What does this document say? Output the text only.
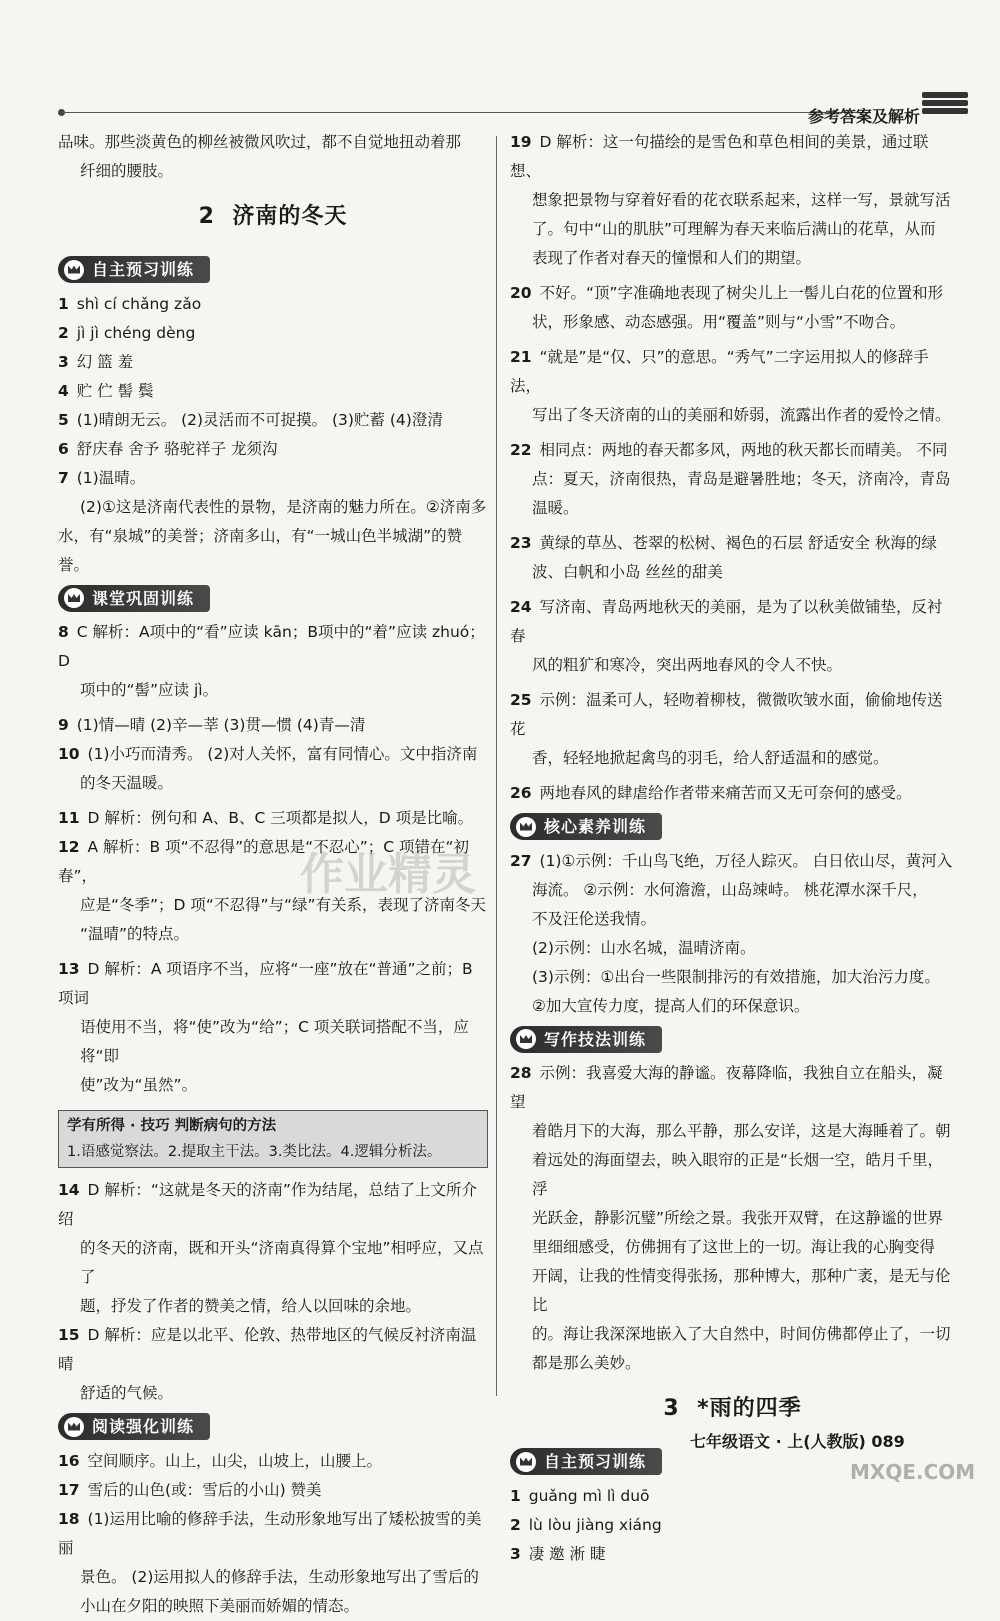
参考答案及解析

品味。那些淡黄色的柳丝被微风吹过，都不自觉地扭动着那

纤细的腰肢。

2 济南的冬天
自主预习训练

1 shì cí chǎng zǎo

2 jì jì chéng dèng

3 幻 篮 羞

4 贮 伫 髻 鬓

5 (1)晴朗无云。 (2)灵活而不可捉摸。 (3)贮蓄 (4)澄清

6 舒庆春 舍予 骆驼祥子 龙须沟

7 (1)温晴。

(2)①这是济南代表性的景物，是济南的魅力所在。②济南多

水，有“泉城”的美誉；济南多山，有“一城山色半城湖”的赞誉。

课堂巩固训练

8 C 解析：A项中的“看”应读 kān；B项中的“着”应读 zhuó；D

项中的“髻”应读 jì。

9 (1)情—晴 (2)辛—莘 (3)贯—惯 (4)青—清

10 (1)小巧而清秀。 (2)对人关怀，富有同情心。文中指济南

的冬天温暖。

11 D 解析：例句和 A、B、C 三项都是拟人，D 项是比喻。

12 A 解析：B 项“不忍得”的意思是“不忍心”；C 项错在“初春”，

应是“冬季”；D 项“不忍得”与“绿”有关系，表现了济南冬天

“温晴”的特点。

13 D 解析：A 项语序不当，应将“一座”放在“普通”之前；B 项词

语使用不当，将“使”改为“给”；C 项关联词搭配不当，应将“即

使”改为“虽然”。

学有所得 · 技巧 判断病句的方法
1.语感觉察法。2.提取主干法。3.类比法。4.逻辑分析法。

14 D 解析：“这就是冬天的济南”作为结尾，总结了上文所介绍

的冬天的济南，既和开头“济南真得算个宝地”相呼应，又点了

题，抒发了作者的赞美之情，给人以回味的余地。

15 D 解析：应是以北平、伦敦、热带地区的气候反衬济南温晴

舒适的气候。

阅读强化训练

16 空间顺序。山上，山尖，山坡上，山腰上。

17 雪后的山色(或：雪后的小山) 赞美

18 (1)运用比喻的修辞手法，生动形象地写出了矮松披雪的美丽

景色。 (2)运用拟人的修辞手法，生动形象地写出了雪后的

小山在夕阳的映照下美丽而娇媚的情态。

19 D 解析：这一句描绘的是雪色和草色相间的美景，通过联想、

想象把景物与穿着好看的花衣联系起来，这样一写，景就写活

了。句中“山的肌肤”可理解为春天来临后满山的花草，从而

表现了作者对春天的憧憬和人们的期望。

20 不好。“顶”字准确地表现了树尖儿上一髻儿白花的位置和形

状，形象感、动态感强。用“覆盖”则与“小雪”不吻合。

21 “就是”是“仅、只”的意思。“秀气”二字运用拟人的修辞手法，

写出了冬天济南的山的美丽和娇弱，流露出作者的爱怜之情。

22 相同点：两地的春天都多风，两地的秋天都长而晴美。 不同

点：夏天，济南很热，青岛是避暑胜地；冬天，济南冷，青岛

温暖。

23 黄绿的草丛、苍翠的松树、褐色的石层 舒适安全 秋海的绿

波、白帆和小岛 丝丝的甜美

24 写济南、青岛两地秋天的美丽，是为了以秋美做铺垫，反衬春

风的粗犷和寒冷，突出两地春风的令人不快。

25 示例：温柔可人，轻吻着柳枝，微微吹皱水面，偷偷地传送花

香，轻轻地掀起禽鸟的羽毛，给人舒适温和的感觉。

26 两地春风的肆虐给作者带来痛苦而又无可奈何的感受。

核心素养训练

27 (1)①示例：千山鸟飞绝，万径人踪灭。 白日依山尽，黄河入

海流。 ②示例：水何澹澹，山岛竦峙。 桃花潭水深千尺，

不及汪伦送我情。

(2)示例：山水名城，温晴济南。

(3)示例：①出台一些限制排污的有效措施，加大治污力度。

②加大宣传力度，提高人们的环保意识。

写作技法训练

28 示例：我喜爱大海的静谧。夜幕降临，我独自立在船头，凝望

着皓月下的大海，那么平静，那么安详，这是大海睡着了。朝

着远处的海面望去，映入眼帘的正是“长烟一空，皓月千里，浮

光跃金，静影沉璧”所绘之景。我张开双臂，在这静谧的世界

里细细感受，仿佛拥有了这世上的一切。海让我的心胸变得

开阔，让我的性情变得张扬，那种博大，那种广袤，是无与伦比

的。海让我深深地嵌入了大自然中，时间仿佛都停止了，一切

都是那么美妙。

3 *雨的四季
自主预习训练

1 guǎng mì lì duō

2 lù lòu jiàng xiáng

3 凄 邀 淅 睫

作业精灵
MXQE.COM
七年级语文 · 上(人教版) 089
